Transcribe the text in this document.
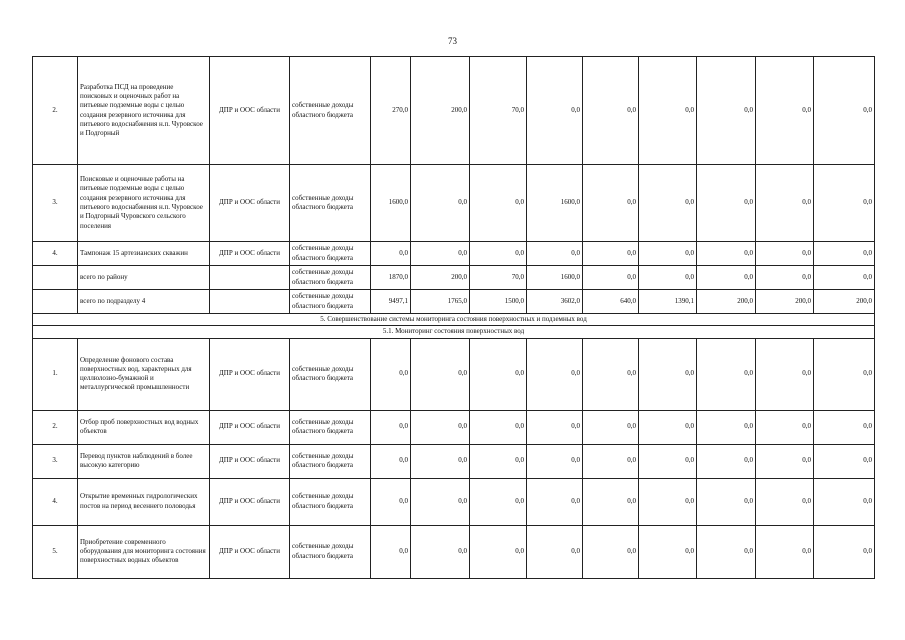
73
2.	Разработка ПСД на проведение поисковых и оценочных работ на питьевые подземные воды с целью создания резервного источника для питьевого водоснабжения н.п. Чуровское и Подгорный	ДПР и ООС области	собственные доходы областного бюджета	270,0	200,0	70,0	0,0	0,0	0,0	0,0	0,0	0,0
3.	Поисковые и оценочные работы на питьевые подземные воды с целью создания резервного источника для питьевого водоснабжения н.п. Чуровское и Подгорный Чуровского сельского поселения	ДПР и ООС области	собственные доходы областного бюджета	1600,0	0,0	0,0	1600,0	0,0	0,0	0,0	0,0	0,0
4.	Тампонаж 15 артезианских скважин	ДПР и ООС области	собственные доходы областного бюджета	0,0	0,0	0,0	0,0	0,0	0,0	0,0	0,0	0,0
	всего по району		собственные доходы областного бюджета	1870,0	200,0	70,0	1600,0	0,0	0,0	0,0	0,0	0,0
	всего по подразделу 4		собственные доходы областного бюджета	9497,1	1765,0	1500,0	3602,0	640,0	1390,1	200,0	200,0	200,0
5. Совершенствование системы мониторинга состояния поверхностных и подземных вод												
5.1. Мониторинг состояния поверхностных вод												
1.	Определение фонового состава поверхностных вод, характерных для целлюлозно-бумажной и металлургической промышленности	ДПР и ООС области	собственные доходы областного бюджета	0,0	0,0	0,0	0,0	0,0	0,0	0,0	0,0	0,0
2.	Отбор проб поверхностных вод водных объектов	ДПР и ООС области	собственные доходы областного бюджета	0,0	0,0	0,0	0,0	0,0	0,0	0,0	0,0	0,0
3.	Перевод пунктов наблюдений в более высокую категорию	ДПР и ООС области	собственные доходы областного бюджета	0,0	0,0	0,0	0,0	0,0	0,0	0,0	0,0	0,0
4.	Открытие временных гидрологических постов на период весеннего половодья	ДПР и ООС области	собственные доходы областного бюджета	0,0	0,0	0,0	0,0	0,0	0,0	0,0	0,0	0,0
5.	Приобретение современного оборудования для мониторинга состояния поверхностных водных объектов	ДПР и ООС области	собственные доходы областного бюджета	0,0	0,0	0,0	0,0	0,0	0,0	0,0	0,0	0,0
